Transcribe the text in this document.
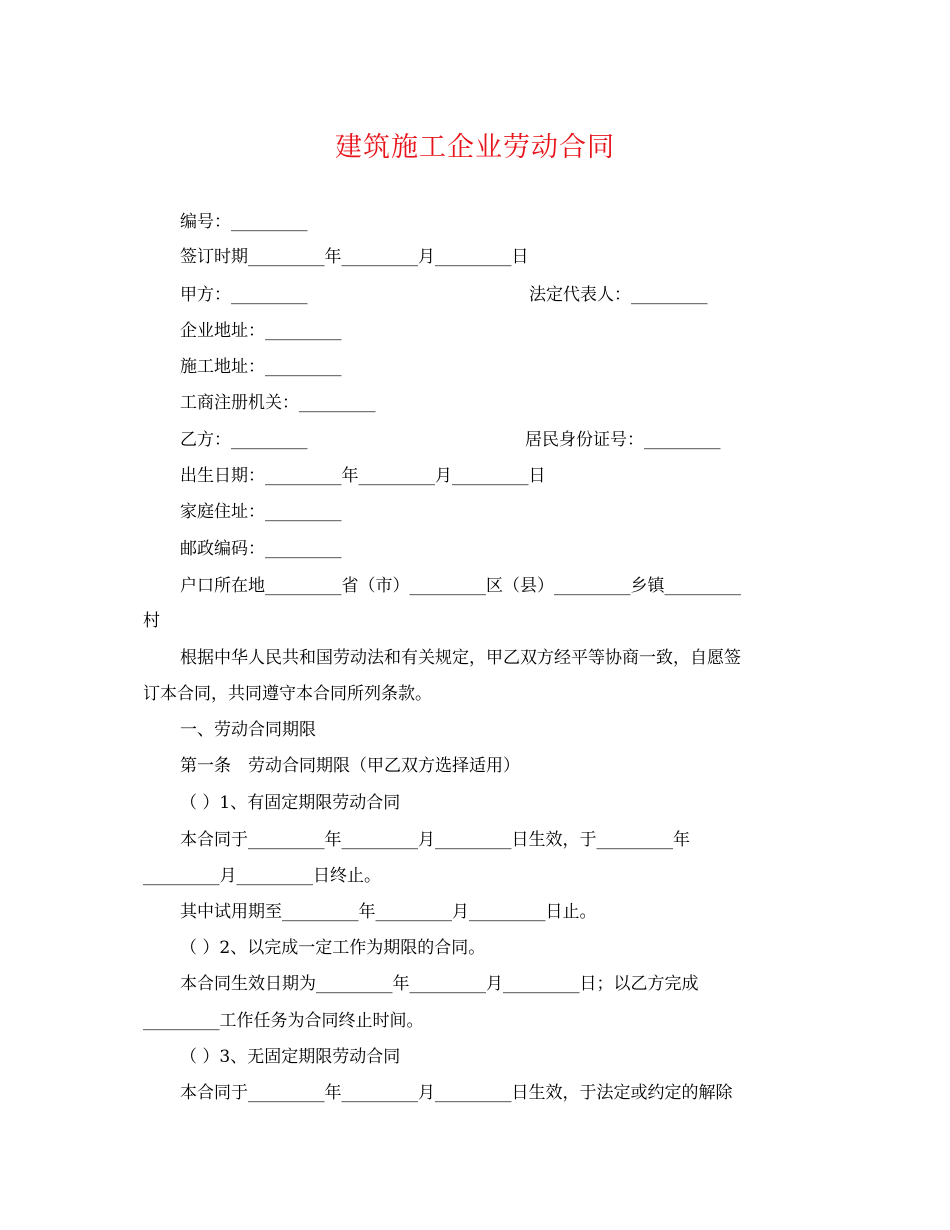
建筑施工企业劳动合同
编号：_________
签订时期_________年_________月_________日
甲方：_________	法定代表人：_________
企业地址：_________
施工地址：_________
工商注册机关：_________
乙方：_________	居民身份证号：_________
出生日期：_________年_________月_________日
家庭住址：_________
邮政编码：_________
户口所在地_________省（市）_________区（县）_________乡镇_________
村
根据中华人民共和国劳动法和有关规定，甲乙双方经平等协商一致，自愿签
订本合同，共同遵守本合同所列条款。
一、劳动合同期限
第一条　劳动合同期限（甲乙双方选择适用）
（ ）1、有固定期限劳动合同
本合同于_________年_________月_________日生效，于_________年
_________月_________日终止。
其中试用期至_________年_________月_________日止。
（ ）2、以完成一定工作为期限的合同。
本合同生效日期为_________年_________月_________日；以乙方完成
_________工作任务为合同终止时间。
（ ）3、无固定期限劳动合同
本合同于_________年_________月_________日生效，于法定或约定的解除
